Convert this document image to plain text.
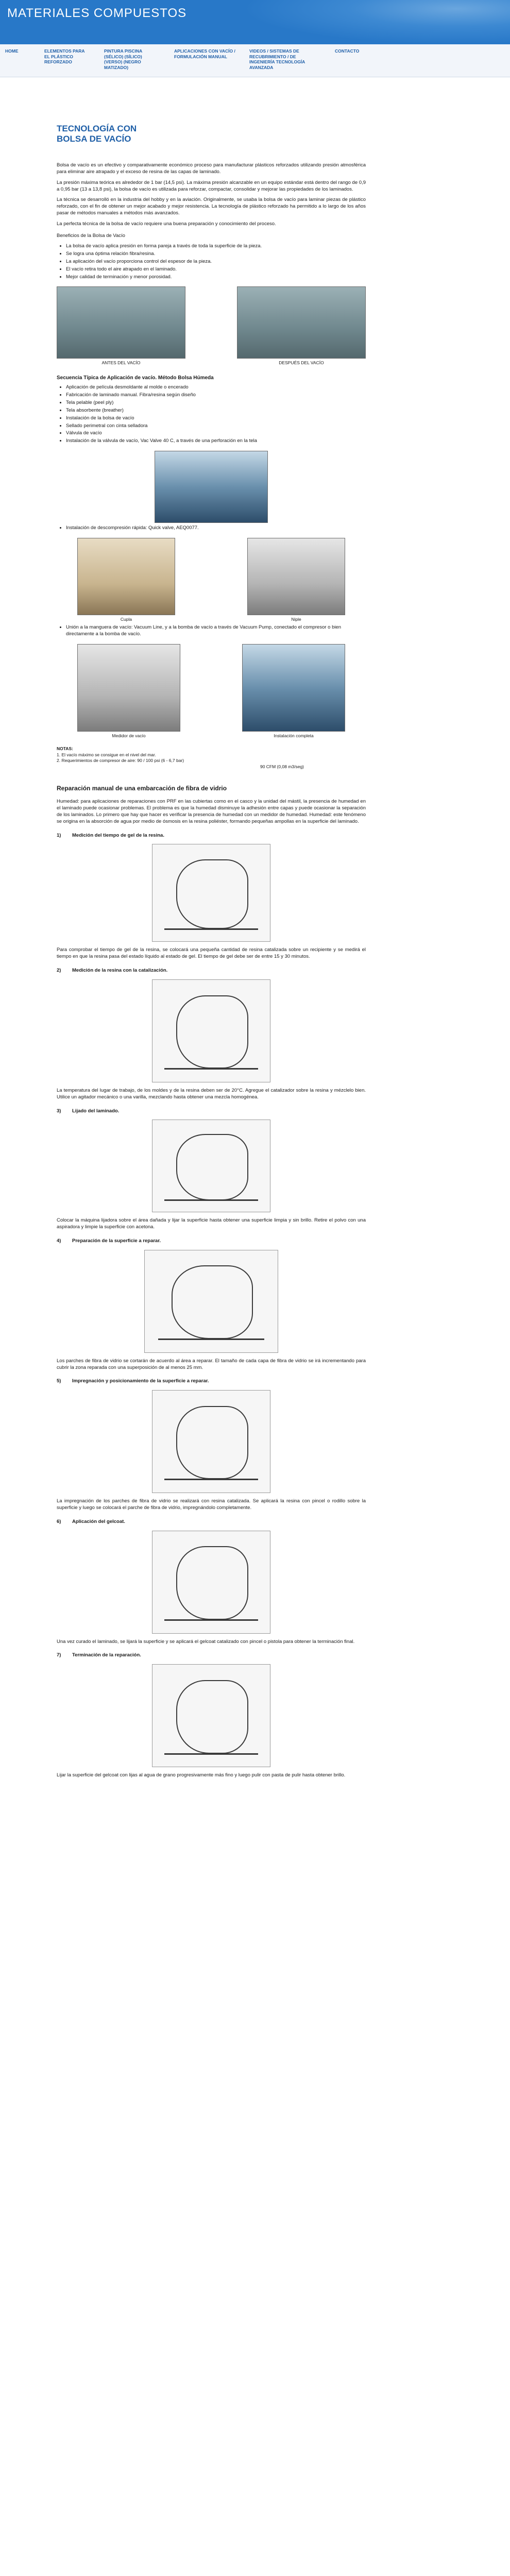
MATERIALES COMPUESTOS
HOME	ELEMENTOS PARA EL PLÁSTICO REFORZADO
PINTURA PISCINA (SÉLICO) (SÍLICO) (VERSO) (NEGRO MATIZADO)
APLICACIONES CON VACÍO / FORMULACIÓN MANUAL
VIDEOS / SISTEMAS DE RECUBRIMIENTO / DE INGENIERÍA TECNOLOGÍA AVANZADA
CONTACTO
TECNOLOGÍA CON BOLSA DE VACÍO

Bolsa de vacío es un efectivo y comparativamente económico proceso para manufacturar plásticos reforzados utilizando presión atmosférica para eliminar aire atrapado y el exceso de resina de las capas de laminado.

La presión máxima teórica es alrededor de 1 bar (14,5 psi). La máxima presión alcanzable en un equipo estándar está dentro del rango de 0,9 a 0,95 bar (13 a 13,8 psi), la bolsa de vacío es utilizada para reforzar, compactar, consolidar y mejorar las propiedades de los laminados.

La técnica se desarrolló en la industria del hobby y en la aviación. Originalmente, se usaba la bolsa de vacío para laminar piezas de plástico reforzado, con el fin de obtener un mejor acabado y mejor resistencia. La tecnología de plástico reforzado ha permitido a lo largo de los años pasar de métodos manuales a métodos más avanzados.

La perfecta técnica de la bolsa de vacío requiere una buena preparación y conocimiento del proceso.

Beneficios de la Bolsa de Vacío

• La bolsa de vacío aplica presión en forma pareja a través de toda la superficie de la pieza.
• Se logra una óptima relación fibra/resina.
• La aplicación del vacío proporciona control del espesor de la pieza.
• El vacío retira todo el aire atrapado en el laminado.
• Mejor calidad de terminación y menor porosidad.
ANTES DEL VACÍO	DESPUÉS DEL VACÍO
Secuencia Típica de Aplicación de vacío. Método Bolsa Húmeda
• Aplicación de película desmoldante al molde o encerado
• Fabricación de laminado manual. Fibra/resina según diseño
• Tela pelable (peel ply)
• Tela absorbente (breather)
• Instalación de la bolsa de vacío
• Sellado perimetral con cinta selladora
• Válvula de vacío
• Instalación de la válvula de vacío, Vac Valve 40 C, a través de una perforación en la tela
• Instalación de descompresión rápida: Quick valve, AEQ0077.
Cupla	Niple
• Unión a la manguera de vacío: Vacuum Line, y a la bomba de vacío a través de Vacuum Pump, conectado el compresor o bien directamente a la bomba de vacío.
Medidor de vacío	Instalación completa
NOTAS:
1. El vacío máximo se consigue en el nivel del mar.
2. Requerimientos de compresor de aire: 90 / 100 psi (6 - 6,7 bar)
90 CFM (0,08 m3/seg)
Reparación manual de una embarcación de fibra de vidrio

Humedad: para aplicaciones de reparaciones con PRF en las cubiertas como en el casco y la unidad del mástil, la presencia de humedad en el laminado puede ocasionar problemas. El problema es que la humedad disminuye la adhesión entre capas y puede ocasionar la separación de los laminados. Lo primero que hay que hacer es verificar la presencia de humedad con un medidor de humedad. Humedad: este fenómeno se origina en la absorción de agua por medio de ósmosis en la resina poliéster, formando pequeñas ampollas en la superficie del laminado.

1)	Medición del tiempo de gel de la resina.

Para comprobar el tiempo de gel de la resina, se colocará una pequeña cantidad de resina catalizada sobre un recipiente y se medirá el tiempo en que la resina pasa del estado líquido al estado de gel. El tiempo de gel debe ser de entre 15 y 30 minutos.

2)	Medición de la resina con la catalización.

La temperatura del lugar de trabajo, de los moldes y de la resina deben ser de 20°C. Agregue el catalizador sobre la resina y mézclelo bien. Utilice un agitador mecánico o una varilla, mezclando hasta obtener una mezcla homogénea.

3)	Lijado del laminado.

Colocar la máquina lijadora sobre el área dañada y lijar la superficie hasta obtener una superficie limpia y sin brillo. Retire el polvo con una aspiradora y limpie la superficie con acetona.

4)	Preparación de la superficie a reparar.

Los parches de fibra de vidrio se cortarán de acuerdo al área a reparar. El tamaño de cada capa de fibra de vidrio se irá incrementando para cubrir la zona reparada con una superposición de al menos 25 mm.

5)	Impregnación y posicionamiento de la superficie a reparar.

La impregnación de los parches de fibra de vidrio se realizará con resina catalizada. Se aplicará la resina con pincel o rodillo sobre la superficie y luego se colocará el parche de fibra de vidrio, impregnándolo completamente.

6)	Aplicación del gelcoat.

Una vez curado el laminado, se lijará la superficie y se aplicará el gelcoat catalizado con pincel o pistola para obtener la terminación final.

7)	Terminación de la reparación.

Lijar la superficie del gelcoat con lijas al agua de grano progresivamente más fino y luego pulir con pasta de pulir hasta obtener brillo.
